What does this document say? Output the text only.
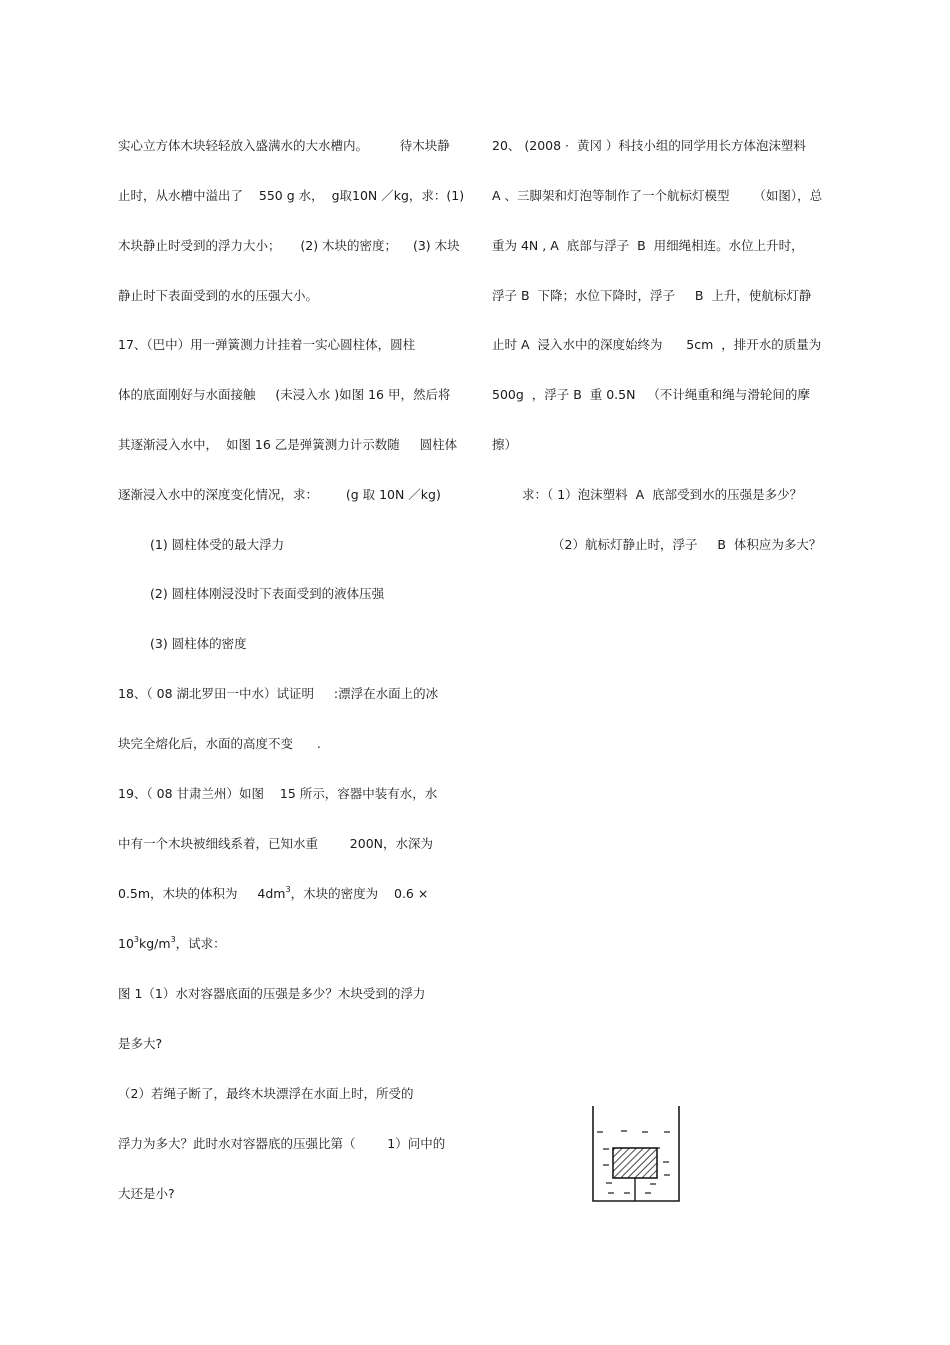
实心立方体木块轻轻放入盛满水的大水槽内。        待木块静
止时，从水槽中溢出了    550 g 水，  g取10N ／kg，求：(1)
木块静止时受到的浮力大小；     (2) 木块的密度；    (3) 木块
静止时下表面受到的水的压强大小。
17、（巴中）用一弹簧测力计挂着一实心圆柱体，圆柱
体的底面刚好与水面接触     (未浸入水 )如图 16 甲，然后将
其逐渐浸入水中，  如图 16 乙是弹簧测力计示数随     圆柱体
逐渐浸入水中的深度变化情况，求：       (g 取 10N ／kg)
(1) 圆柱体受的最大浮力
(2) 圆柱体刚浸没时下表面受到的液体压强
(3) 圆柱体的密度
18、（ 08 湖北罗田一中水）试证明     :漂浮在水面上的冰
块完全熔化后，水面的高度不变      .
19、（ 08 甘肃兰州）如图    15 所示，容器中装有水，水
中有一个木块被细线系着，已知水重        200N，水深为
0.5m，木块的体积为     $4dm^3$，木块的密度为    0.6 ×
$10^3kg/m^3$，试求：
图 1（1）水对容器底面的压强是多少？木块受到的浮力
是多大?
（2）若绳子断了，最终木块漂浮在水面上时，所受的
浮力为多大？此时水对容器底的压强比第（        1）问中的
大还是小?
20、 (2008 ·  黄冈 ）科技小组的同学用长方体泡沫塑料
A 、三脚架和灯泡等制作了一个航标灯模型      （如图），总
重为 4N , A  底部与浮子  B  用细绳相连。水位上升时，
浮子 B  下降；水位下降时，浮子     B  上升，使航标灯静
止时 A  浸入水中的深度始终为      5cm  ，排开水的质量为
500g  ，浮子 B  重 0.5N   （不计绳重和绳与滑轮间的摩
擦）
求：（ 1）泡沫塑料  A  底部受到水的压强是多少？
（2）航标灯静止时，浮子     B  体积应为多大？
